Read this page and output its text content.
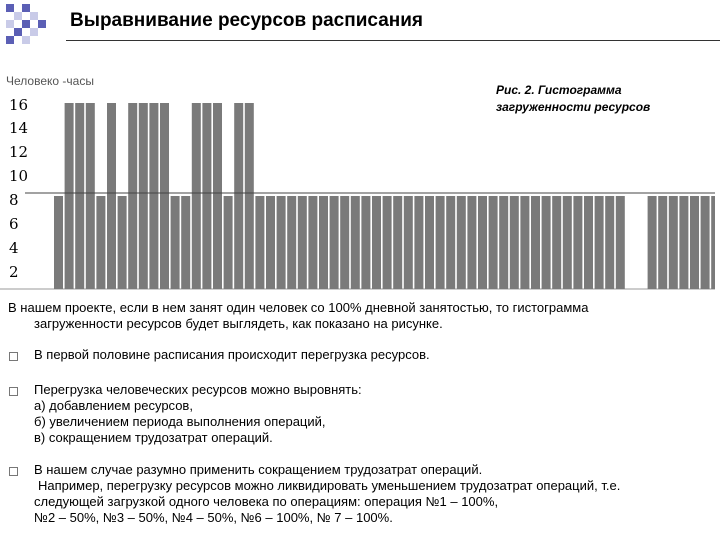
Выравнивание ресурсов расписания
Человеко -часы
16
14
12
10
8
6
4
2
Рис. 2. Гистограмма
загруженности ресурсов
В нашем проекте, если в нем занят один человек со 100% дневной занятостью, то гистограмма
загруженности ресурсов будет выглядеть, как показано на рисунке.
В первой половине расписания происходит перегрузка ресурсов.
Перегрузка человеческих ресурсов можно выровнять:
а) добавлением ресурсов,
б) увеличением периода выполнения операций,
в) сокращением трудозатрат операций.
В нашем случае разумно применить сокращением трудозатрат операций.
Например, перегрузку ресурсов можно ликвидировать уменьшением трудозатрат операций, т.е.
следующей загрузкой одного человека по операциям: операция №1 – 100%,
№2 – 50%, №3 – 50%, №4 – 50%, №6 – 100%, № 7 – 100%.
